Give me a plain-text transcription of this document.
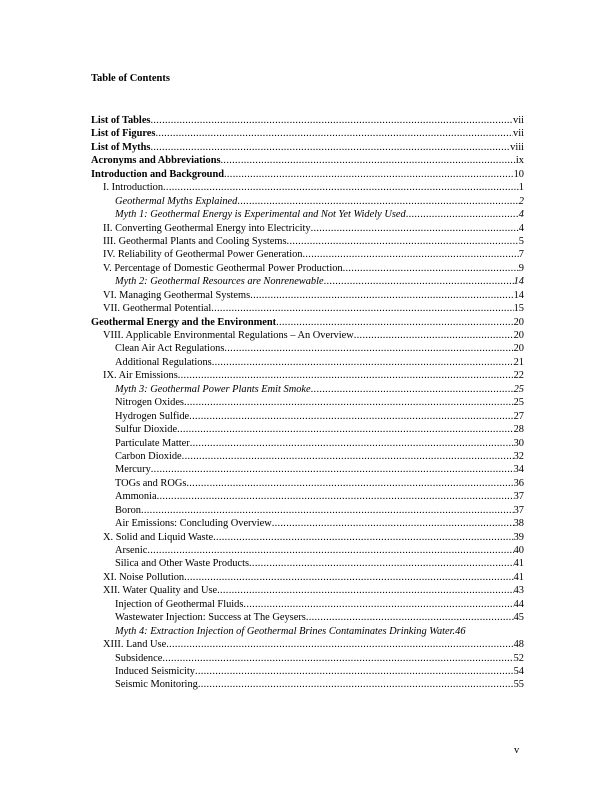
Table of Contents
List of Tables .....	vii
List of Figures .....	vii
List of Myths .....	viii
Acronyms and Abbreviations .....	ix
Introduction and Background .....	10
I. Introduction .....	1
Geothermal Myths Explained .....	2
Myth 1: Geothermal Energy is Experimental and Not Yet Widely Used .....	4
II. Converting Geothermal Energy into Electricity .....	4
III. Geothermal Plants and Cooling Systems .....	5
IV. Reliability of Geothermal Power Generation .....	7
V. Percentage of Domestic Geothermal Power Production .....	9
Myth 2: Geothermal Resources are Nonrenewable .....	14
VI. Managing Geothermal Systems .....	14
VII. Geothermal Potential .....	15
Geothermal Energy and the Environment .....	20
VIII. Applicable Environmental Regulations – An Overview .....	20
Clean Air Act Regulations .....	20
Additional Regulations .....	21
IX. Air Emissions .....	22
Myth 3: Geothermal Power Plants Emit Smoke .....	25
Nitrogen Oxides .....	25
Hydrogen Sulfide .....	27
Sulfur Dioxide .....	28
Particulate Matter .....	30
Carbon Dioxide .....	32
Mercury .....	34
TOGs and ROGs .....	36
Ammonia .....	37
Boron .....	37
Air Emissions: Concluding Overview .....	38
X. Solid and Liquid Waste .....	39
Arsenic .....	40
Silica and Other Waste Products .....	41
XI. Noise Pollution .....	41
XII. Water Quality and Use .....	43
Injection of Geothermal Fluids .....	44
Wastewater Injection: Success at The Geysers .....	45
Myth 4: Extraction Injection of Geothermal Brines Contaminates Drinking Water. 46
XIII. Land Use .....	48
Subsidence .....	52
Induced Seismicity .....	54
Seismic Monitoring .....	55
v
